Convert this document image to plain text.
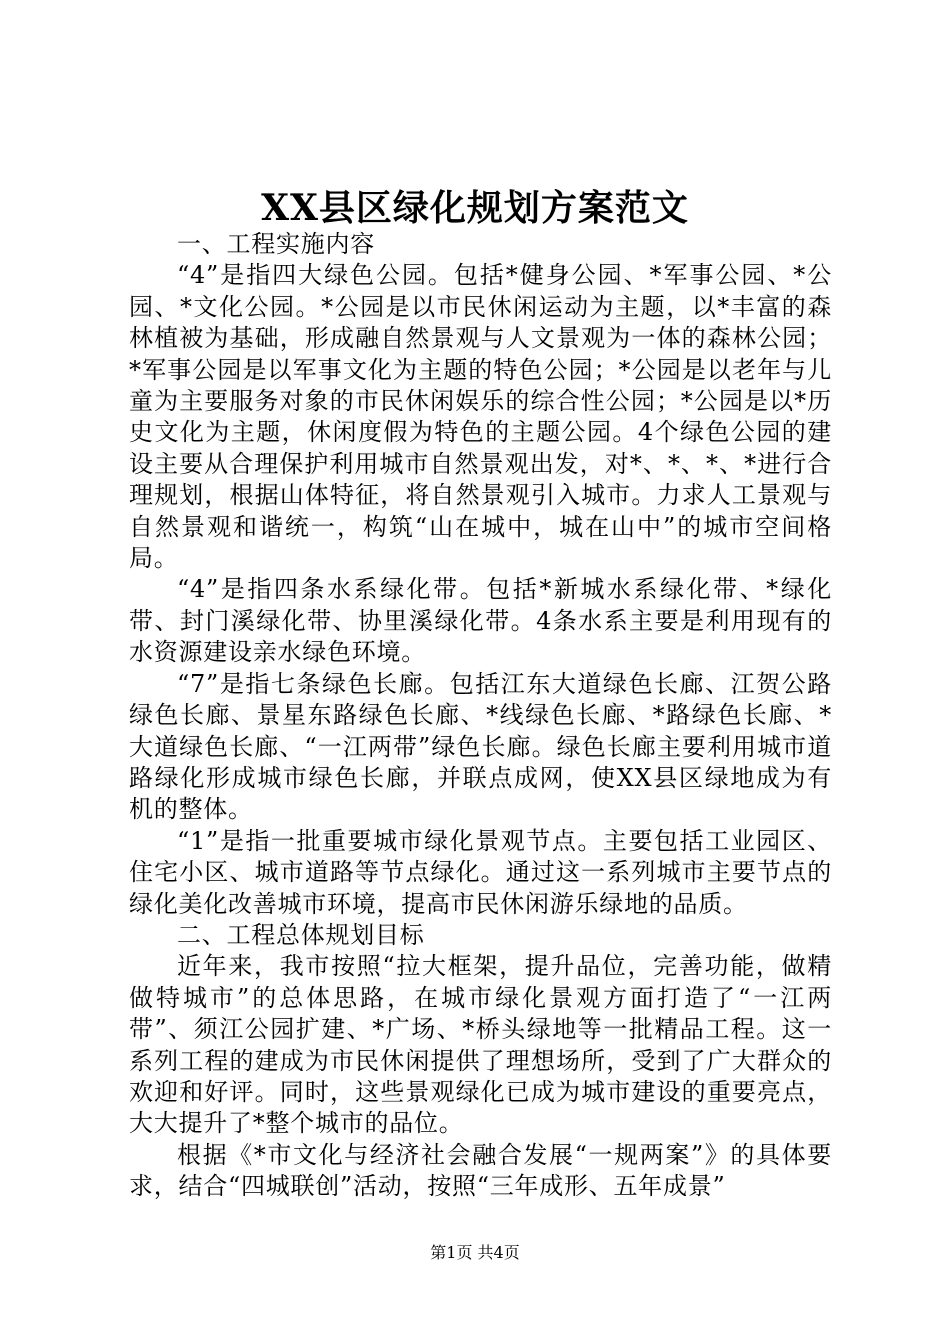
XX县区绿化规划方案范文

一、工程实施内容

“4”是指四大绿色公园。包括*健身公园、*军事公园、*公园、*文化公园。*公园是以市民休闲运动为主题，以*丰富的森林植被为基础，形成融自然景观与人文景观为一体的森林公园；*军事公园是以军事文化为主题的特色公园；*公园是以老年与儿童为主要服务对象的市民休闲娱乐的综合性公园；*公园是以*历史文化为主题，休闲度假为特色的主题公园。4个绿色公园的建设主要从合理保护利用城市自然景观出发，对*、*、*、*进行合理规划，根据山体特征，将自然景观引入城市。力求人工景观与自然景观和谐统一，构筑“山在城中，城在山中”的城市空间格局。

“4”是指四条水系绿化带。包括*新城水系绿化带、*绿化带、封门溪绿化带、协里溪绿化带。4条水系主要是利用现有的水资源建设亲水绿色环境。

“7”是指七条绿色长廊。包括江东大道绿色长廊、江贺公路绿色长廊、景星东路绿色长廊、*线绿色长廊、*路绿色长廊、*大道绿色长廊、“一江两带”绿色长廊。绿色长廊主要利用城市道路绿化形成城市绿色长廊，并联点成网，使XX县区绿地成为有机的整体。

“1”是指一批重要城市绿化景观节点。主要包括工业园区、住宅小区、城市道路等节点绿化。通过这一系列城市主要节点的绿化美化改善城市环境，提高市民休闲游乐绿地的品质。

二、工程总体规划目标

近年来，我市按照“拉大框架，提升品位，完善功能，做精做特城市”的总体思路，在城市绿化景观方面打造了“一江两带”、须江公园扩建、*广场、*桥头绿地等一批精品工程。这一系列工程的建成为市民休闲提供了理想场所，受到了广大群众的欢迎和好评。同时，这些景观绿化已成为城市建设的重要亮点，大大提升了*整个城市的品位。

根据《*市文化与经济社会融合发展“一规两案”》的具体要求，结合“四城联创”活动，按照“三年成形、五年成景”

第1页 共4页
